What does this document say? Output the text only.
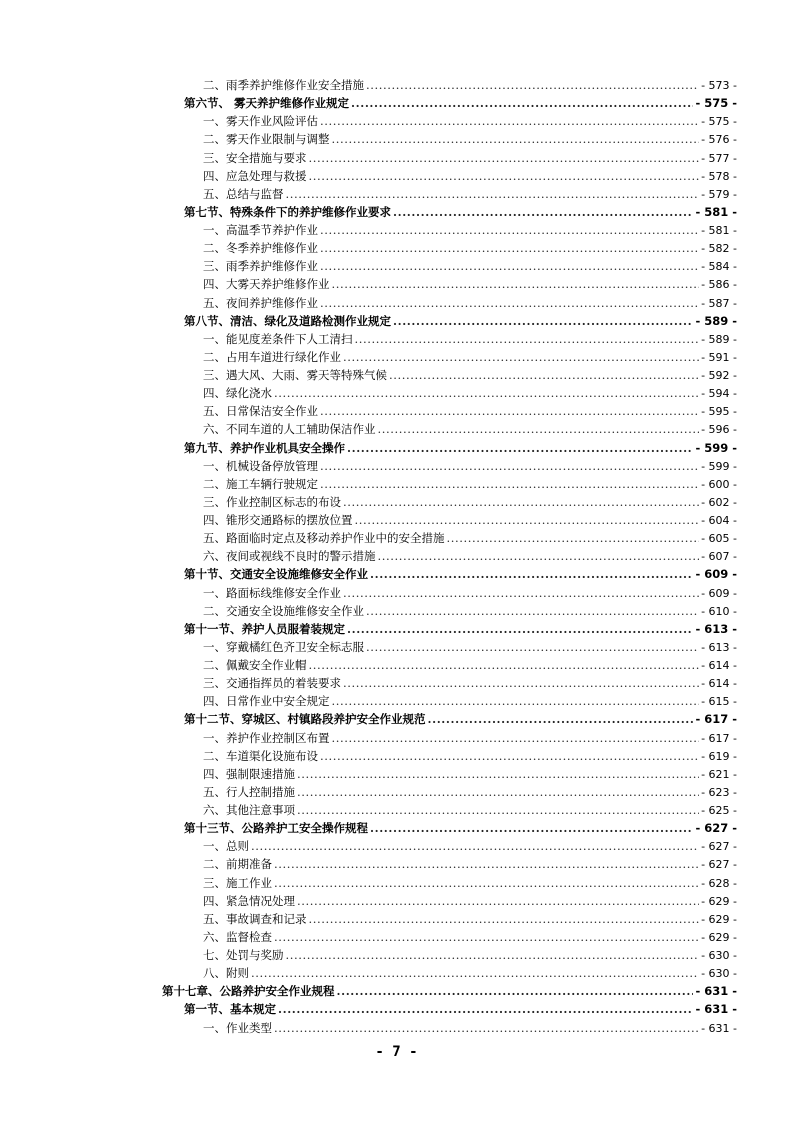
二、雨季养护维修作业安全措施 .....	- 573 -
第六节、 雾天养护维修作业规定 .....	- 575 -
一、雾天作业风险评估 .....	- 575 -
二、雾天作业限制与调整 .....	- 576 -
三、安全措施与要求 .....	- 577 -
四、应急处理与救援 .....	- 578 -
五、总结与监督 .....	- 579 -
第七节、特殊条件下的养护维修作业要求 .....	- 581 -
一、高温季节养护作业 .....	- 581 -
二、冬季养护维修作业 .....	- 582 -
三、雨季养护维修作业 .....	- 584 -
四、大雾天养护维修作业 .....	- 586 -
五、夜间养护维修作业 .....	- 587 -
第八节、清洁、绿化及道路检测作业规定 .....	- 589 -
一、能见度差条件下人工清扫 .....	- 589 -
二、占用车道进行绿化作业 .....	- 591 -
三、遇大风、大雨、雾天等特殊气候 .....	- 592 -
四、绿化浇水 .....	- 594 -
五、日常保洁安全作业 .....	- 595 -
六、不同车道的人工辅助保洁作业 .....	- 596 -
第九节、养护作业机具安全操作 .....	- 599 -
一、机械设备停放管理 .....	- 599 -
二、施工车辆行驶规定 .....	- 600 -
三、作业控制区标志的布设 .....	- 602 -
四、锥形交通路标的摆放位置 .....	- 604 -
五、路面临时定点及移动养护作业中的安全措施 .....	- 605 -
六、夜间或视线不良时的警示措施 .....	- 607 -
第十节、交通安全设施维修安全作业 .....	- 609 -
一、路面标线维修安全作业 .....	- 609 -
二、交通安全设施维修安全作业 .....	- 610 -
第十一节、养护人员服着装规定 .....	- 613 -
一、穿戴橘红色齐卫安全标志服 .....	- 613 -
二、佩戴安全作业帽 .....	- 614 -
三、交通指挥员的着装要求 .....	- 614 -
四、日常作业中安全规定 .....	- 615 -
第十二节、穿城区、村镇路段养护安全作业规范 .....	- 617 -
一、养护作业控制区布置 .....	- 617 -
二、车道渠化设施布设 .....	- 619 -
四、强制限速措施 .....	- 621 -
五、行人控制措施 .....	- 623 -
六、其他注意事项 .....	- 625 -
第十三节、公路养护工安全操作规程 .....	- 627 -
一、总则 .....	- 627 -
二、前期准备 .....	- 627 -
三、施工作业 .....	- 628 -
四、紧急情况处理 .....	- 629 -
五、事故调查和记录 .....	- 629 -
六、监督检查 .....	- 629 -
七、处罚与奖励 .....	- 630 -
八、附则 .....	- 630 -
第十七章、公路养护安全作业规程 .....	- 631 -
第一节、基本规定 .....	- 631 -
一、作业类型 .....	- 631 -
- 7 -
